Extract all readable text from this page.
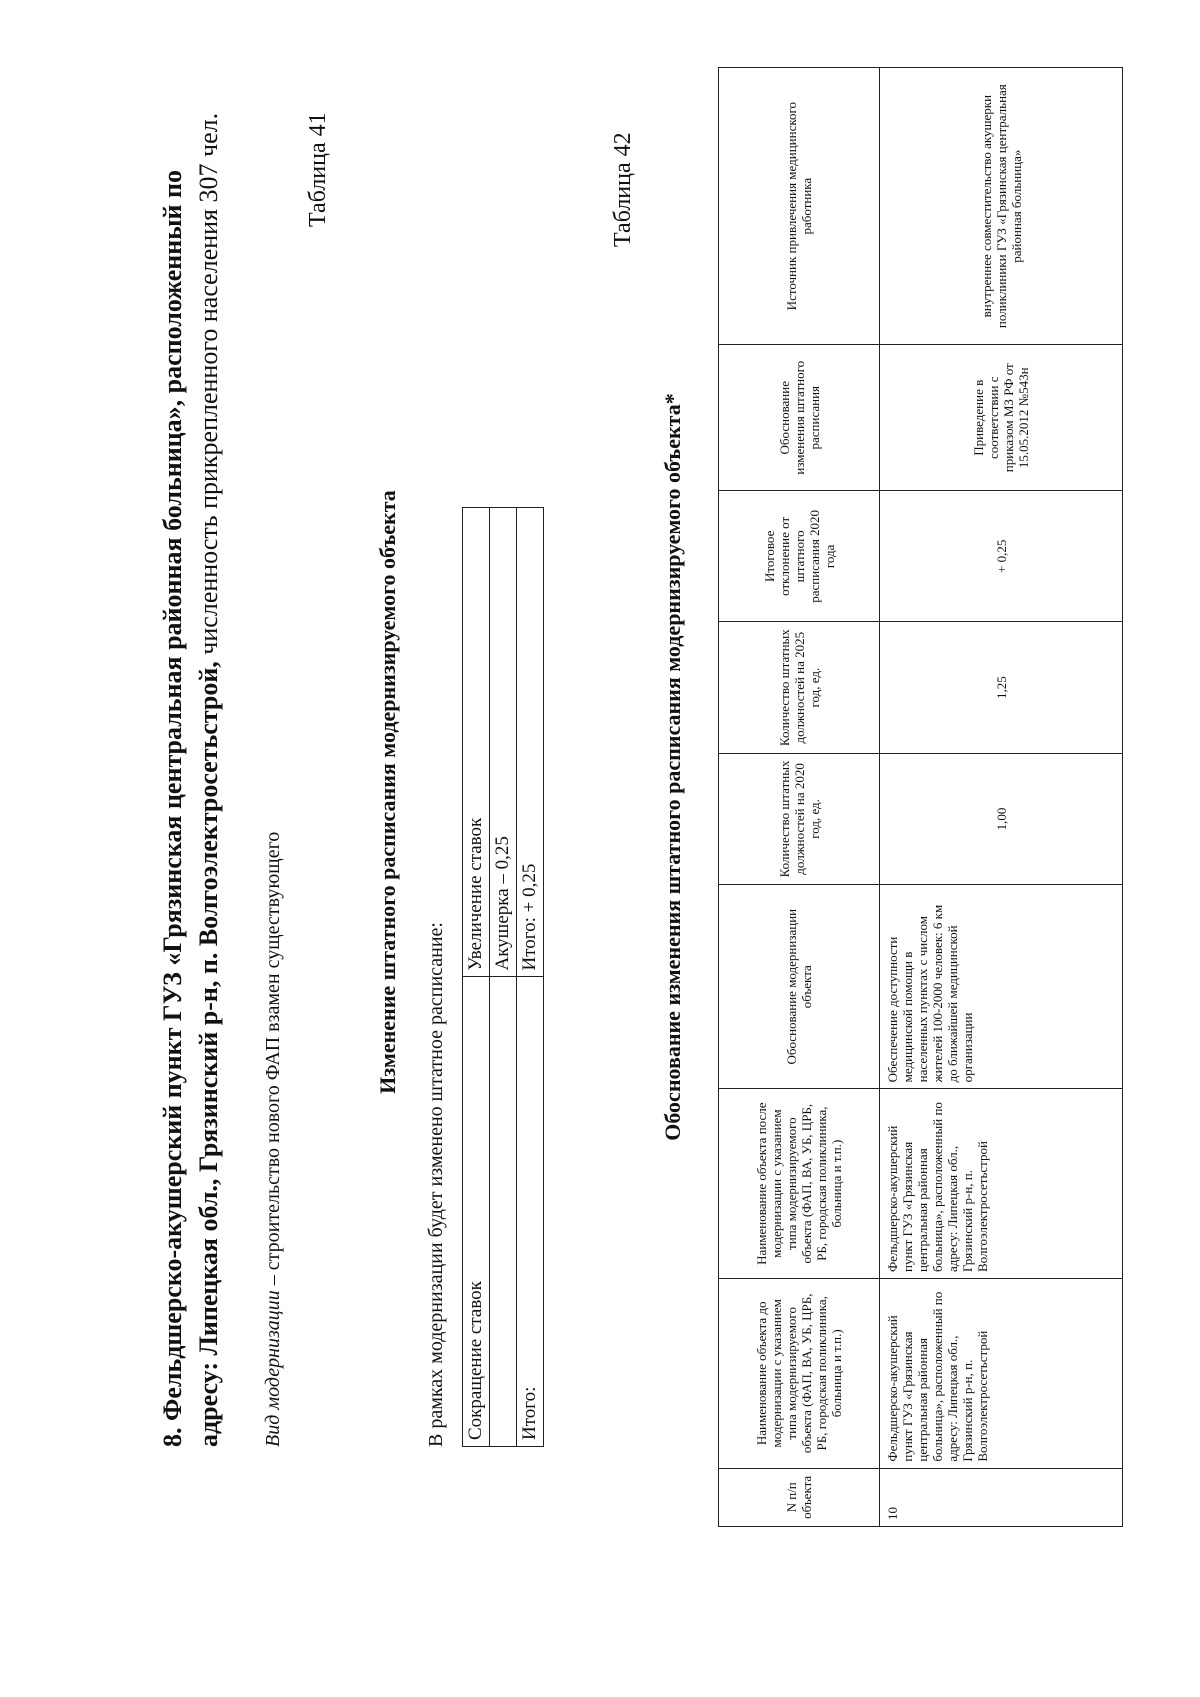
8. Фельдшерско-акушерский пункт ГУЗ «Грязинская центральная районная больница», расположенный по адресу: Липецкая обл., Грязинский р-н, п. Волгоэлектросетьстрой, численность прикрепленного населения 307 чел.
Вид модернизации – строительство нового ФАП взамен существующего
Таблица 41
Изменение штатного расписания модернизируемого объекта
В рамках модернизации будет изменено штатное расписание: Сокращение ставок	Увеличение ставок
	Акушерка – 0,25
Итого:	Итого: + 0,25
Таблица 42
Обоснование изменения штатного расписания модернизируемого объекта*
N п/п объекта	Наименование объекта до модернизации с указанием типа модернизируемого объекта (ФАП, ВА, УБ, ЦРБ, РБ, городская поликлиника, больница и т.п.)	Наименование объекта после модернизации с указанием типа модернизируемого объекта (ФАП, ВА, УБ, ЦРБ, РБ, городская поликлиника, больница и т.п.)	Обоснование модернизации объекта	Количество штатных должностей на 2020 год, ед.	Количество штатных должностей на 2025 год, ед.	Итоговое отклонение от штатного расписания 2020 года	Обоснование изменения штатного расписания	Источник привлечения медицинского работника
10	Фельдшерско-акушерский пункт ГУЗ «Грязинская центральная районная больница», расположенный по адресу: Липецкая обл., Грязинский р-н, п. Волгоэлектросетьстрой	Фельдшерско-акушерский пункт ГУЗ «Грязинская центральная районная больница», расположенный по адресу: Липецкая обл., Грязинский р-н, п. Волгоэлектросетьстрой	Обеспечение доступности медицинской помощи в населенных пунктах с числом жителей 100-2000 человек: 6 км до ближайшей медицинской организации	1,00	1,25	+ 0,25	Приведение в соответствии с приказом МЗ РФ от 15.05.2012 №543н	внутреннее совместительство акушерки поликлиники ГУЗ «Грязинская центральная районная больница»
